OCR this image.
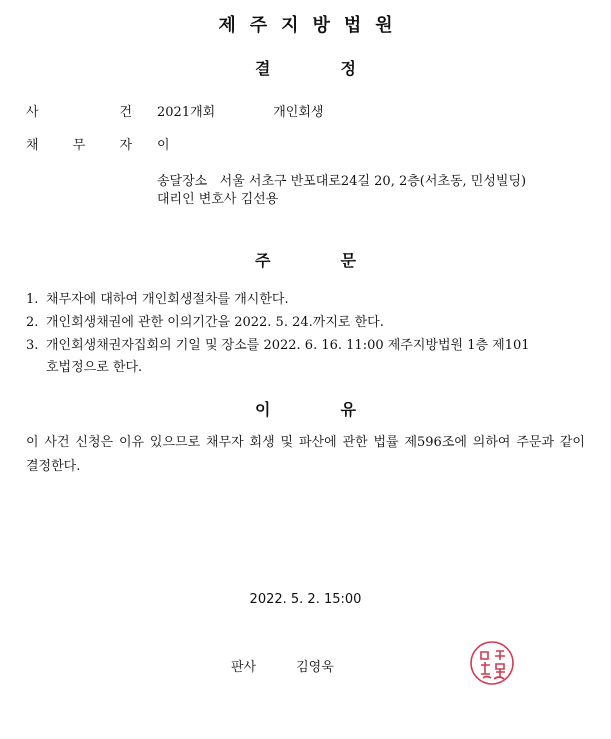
제주지방법원
결	정
사	건 2021개회	개인회생
채	무	자 이
송달장소 서울 서초구 반포대로24길 20, 2층(서초동, 민성빌딩)
대리인 변호사 김선용
주	문
1. 채무자에 대하여 개인회생절차를 개시한다.
2. 개인회생채권에 관한 이의기간을 2022. 5. 24.까지로 한다.
3. 개인회생채권자집회의 기일 및 장소를 2022. 6. 16. 11:00 제주지방법원 1층 제101
호법정으로 한다.
이	유
이 사건 신청은 이유 있으므로 채무자 회생 및 파산에 관한 법률 제596조에 의하여 주문과 같이 결정한다.
2022. 5. 2. 15:00
판사	김영욱
